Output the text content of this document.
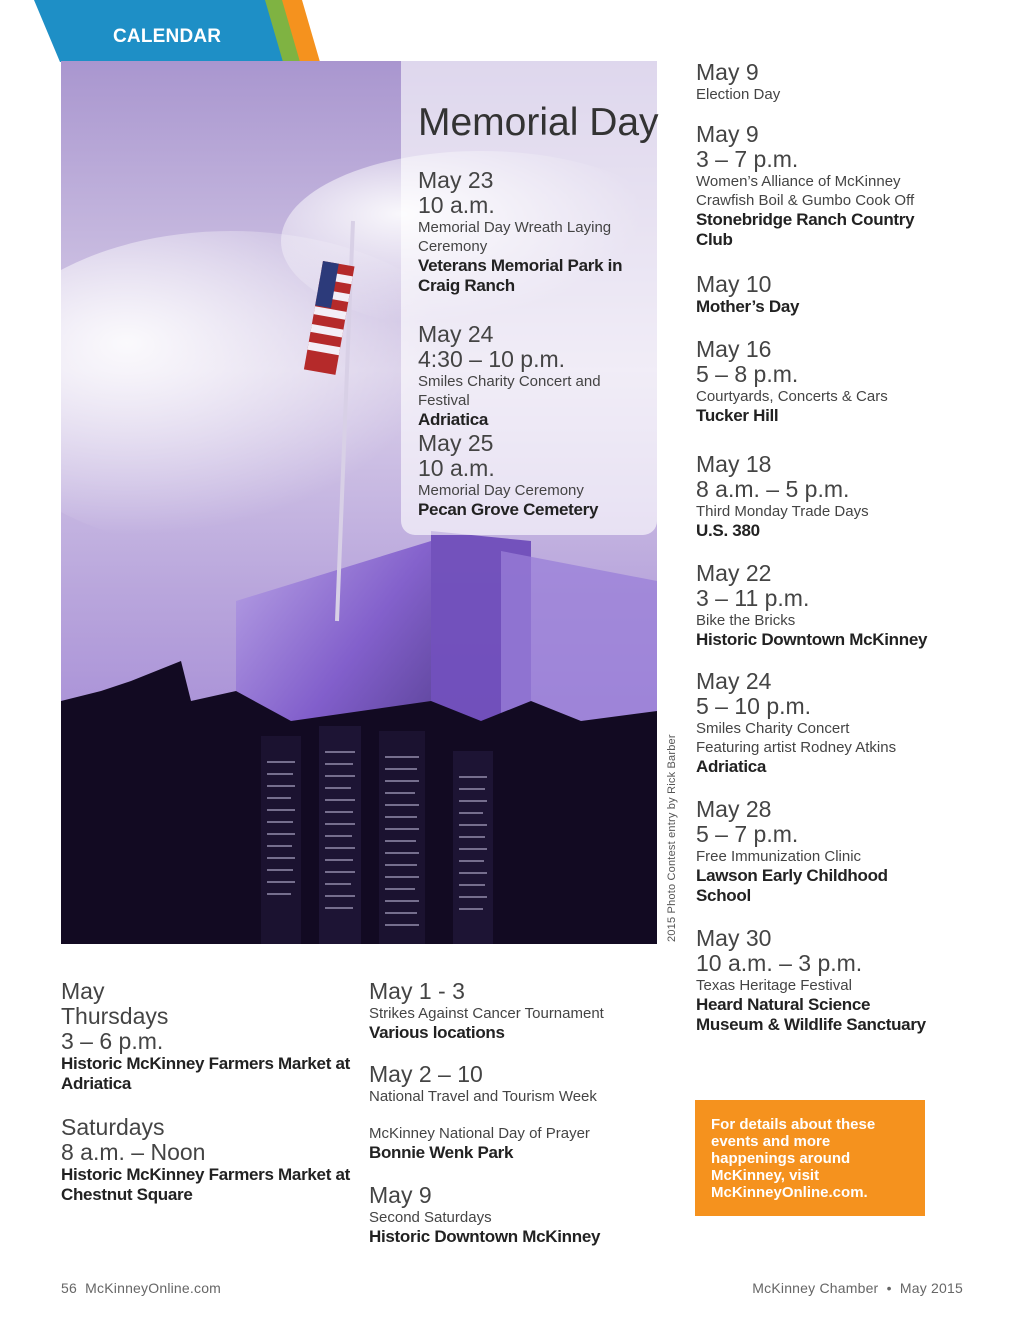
CALENDAR
Memorial Day
May 23
10 a.m.
Memorial Day Wreath Laying Ceremony
Veterans Memorial Park in Craig Ranch
May 24
4:30 – 10 p.m.
Smiles Charity Concert and Festival
Adriatica
May 25
10 a.m.
Memorial Day Ceremony
Pecan Grove Cemetery
2015 Photo Contest entry by Rick Barber
May 9
Election Day
May 9
3 – 7 p.m.
Women’s Alliance of McKinney Crawfish Boil & Gumbo Cook Off
Stonebridge Ranch Country Club
May 10
Mother’s Day
May 16
5 – 8 p.m.
Courtyards, Concerts & Cars
Tucker Hill
May 18
8 a.m. – 5 p.m.
Third Monday Trade Days
U.S. 380
May 22
3 – 11 p.m.
Bike the Bricks
Historic Downtown McKinney
May 24
5 – 10 p.m.
Smiles Charity Concert Featuring artist Rodney Atkins
Adriatica
May 28
5 – 7 p.m.
Free Immunization Clinic
Lawson Early Childhood School
May 30
10 a.m. – 3 p.m.
Texas Heritage Festival
Heard Natural Science Museum & Wildlife Sanctuary
May
Thursdays
3 – 6 p.m.
Historic McKinney Farmers Market at Adriatica
Saturdays
8 a.m. – Noon
Historic McKinney Farmers Market at Chestnut Square
May 1 - 3
Strikes Against Cancer Tournament
Various locations
May 2 – 10
National Travel and Tourism Week
McKinney National Day of Prayer
Bonnie Wenk Park
May 9
Second Saturdays
Historic Downtown McKinney
For details about these events and more happenings around McKinney, visit McKinneyOnline.com.
56 McKinneyOnline.com	McKinney Chamber • May 2015
